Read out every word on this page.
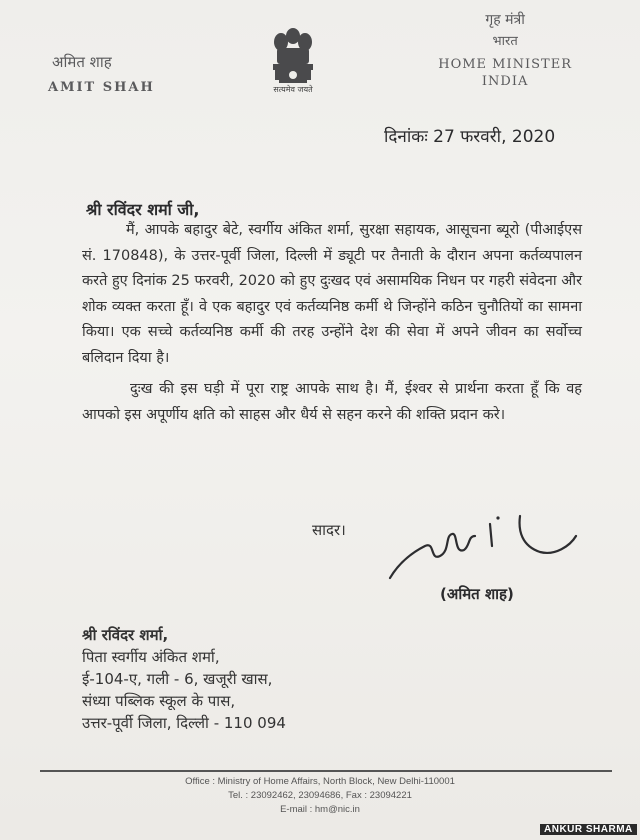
अमित शाह
AMIT SHAH	सत्यमेव जयते
गृह मंत्री
भारत
HOME MINISTER
INDIA
दिनांकः 27 फरवरी, 2020
श्री रविंदर शर्मा जी,

मैं, आपके बहादुर बेटे, स्वर्गीय अंकित शर्मा, सुरक्षा सहायक, आसूचना ब्यूरो (पीआईएस सं. 170848), के उत्तर-पूर्वी जिला, दिल्ली में ड्यूटी पर तैनाती के दौरान अपना कर्तव्यपालन करते हुए दिनांक 25 फरवरी, 2020 को हुए दुःखद एवं असामयिक निधन पर गहरी संवेदना और शोक व्यक्त करता हूँ। वे एक बहादुर एवं कर्तव्यनिष्ठ कर्मी थे जिन्होंने कठिन चुनौतियों का सामना किया। एक सच्चे कर्तव्यनिष्ठ कर्मी की तरह उन्होंने देश की सेवा में अपने जीवन का सर्वोच्च बलिदान दिया है।

दुःख की इस घड़ी में पूरा राष्ट्र आपके साथ है। मैं, ईश्वर से प्रार्थना करता हूँ कि वह आपको इस अपूर्णीय क्षति को साहस और धैर्य से सहन करने की शक्ति प्रदान करे।

सादर।
(अमित शाह)
श्री रविंदर शर्मा,
पिता स्वर्गीय अंकित शर्मा,
ई-104-ए, गली - 6, खजूरी खास,
संध्या पब्लिक स्कूल के पास,
उत्तर-पूर्वी जिला, दिल्ली - 110 094
Office : Ministry of Home Affairs, North Block, New Delhi-110001
Tel. : 23092462, 23094686, Fax : 23094221
E-mail : hm@nic.in
ANKUR SHARMA
